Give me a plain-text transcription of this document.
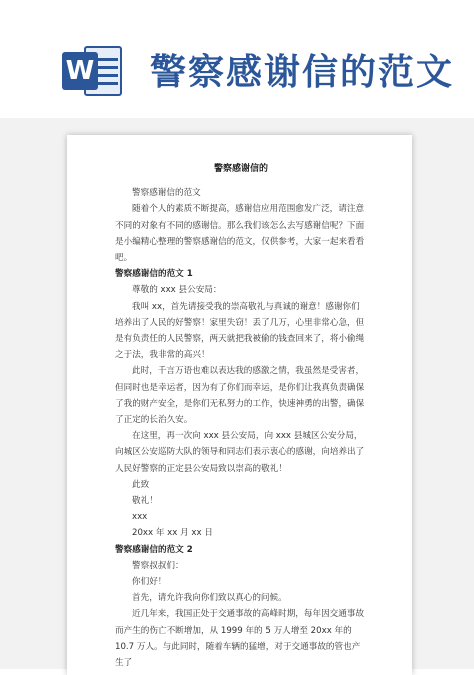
W 警察感谢信的范文
警察感谢信的

警察感谢信的范文

随着个人的素质不断提高，感谢信应用范围愈发广泛，请注意不同的对象有不同的感谢信。那么我们该怎么去写感谢信呢？下面是小编精心整理的警察感谢信的范文，仅供参考，大家一起来看看吧。

警察感谢信的范文 1

尊敬的 xxx 县公安局：

我叫 xx，首先请接受我的崇高敬礼与真诚的谢意！感谢你们培养出了人民的好警察！家里失窃！丢了几万，心里非常心急，但是有负责任的人民警察，两天就把我被偷的钱查回来了，将小偷绳之于法，我非常的高兴！

此时，千言万语也难以表达我的感激之情，我虽然是受害者，但同时也是幸运者，因为有了你们而幸运，是你们让我真负责确保了我的财产安全，是你们无私努力的工作，快速神勇的出警，确保了正定的长治久安。

在这里，再一次向 xxx 县公安局，向 xxx 县城区公安分局，向城区公安巡防大队的领导和同志们表示衷心的感谢，向培养出了人民好警察的正定县公安局致以崇高的敬礼！

此致

敬礼！

xxx

20xx 年 xx 月 xx 日

警察感谢信的范文 2

警察叔叔们：

你们好！

首先，请允许我向你们致以真心的问候。

近几年来，我国正处于交通事故的高峰时期，每年因交通事故而产生的伤亡不断增加，从 1999 年的 5 万人增至 20xx 年的 10.7 万人。与此同时，随着车辆的猛增，对于交通事故的管也产生了
